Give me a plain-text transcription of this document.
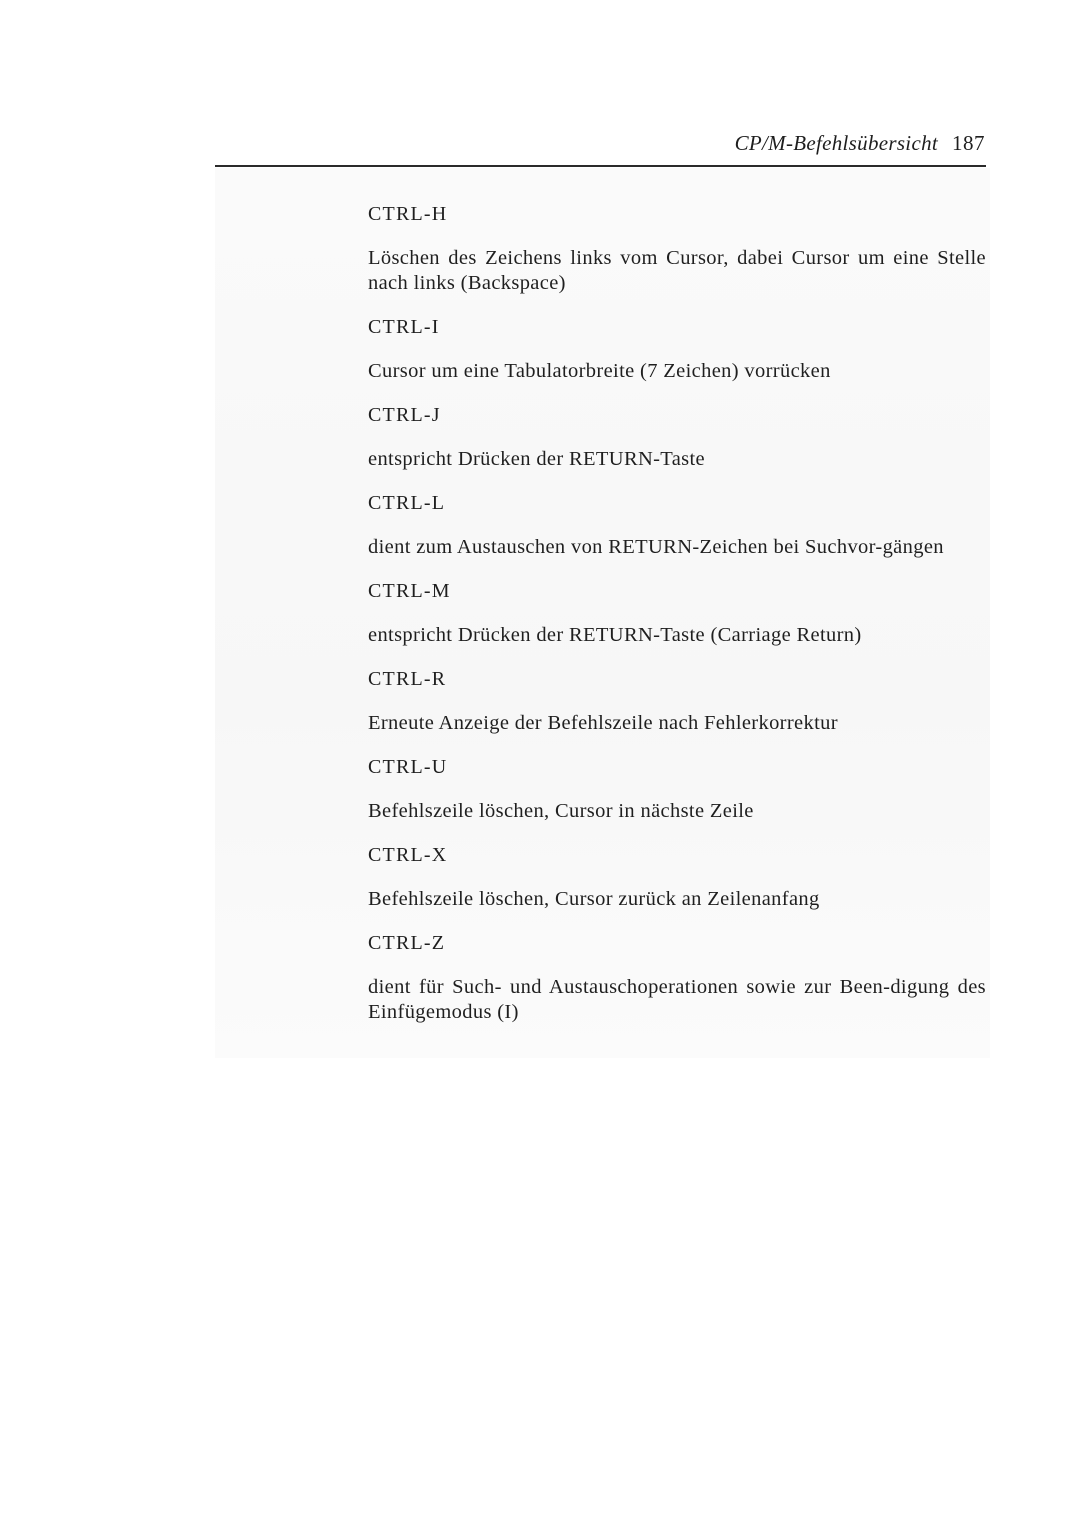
CP/M-Befehlsübersicht 187

CTRL-H

Löschen des Zeichens links vom Cursor, dabei Cursor um eine Stelle nach links (Backspace)

CTRL-I

Cursor um eine Tabulatorbreite (7 Zeichen) vorrücken

CTRL-J

entspricht Drücken der RETURN-Taste

CTRL-L

dient zum Austauschen von RETURN-Zeichen bei Suchvor-gängen

CTRL-M

entspricht Drücken der RETURN-Taste (Carriage Return)

CTRL-R

Erneute Anzeige der Befehlszeile nach Fehlerkorrektur

CTRL-U

Befehlszeile löschen, Cursor in nächste Zeile

CTRL-X

Befehlszeile löschen, Cursor zurück an Zeilenanfang

CTRL-Z

dient für Such- und Austauschoperationen sowie zur Been-digung des Einfügemodus (I)
